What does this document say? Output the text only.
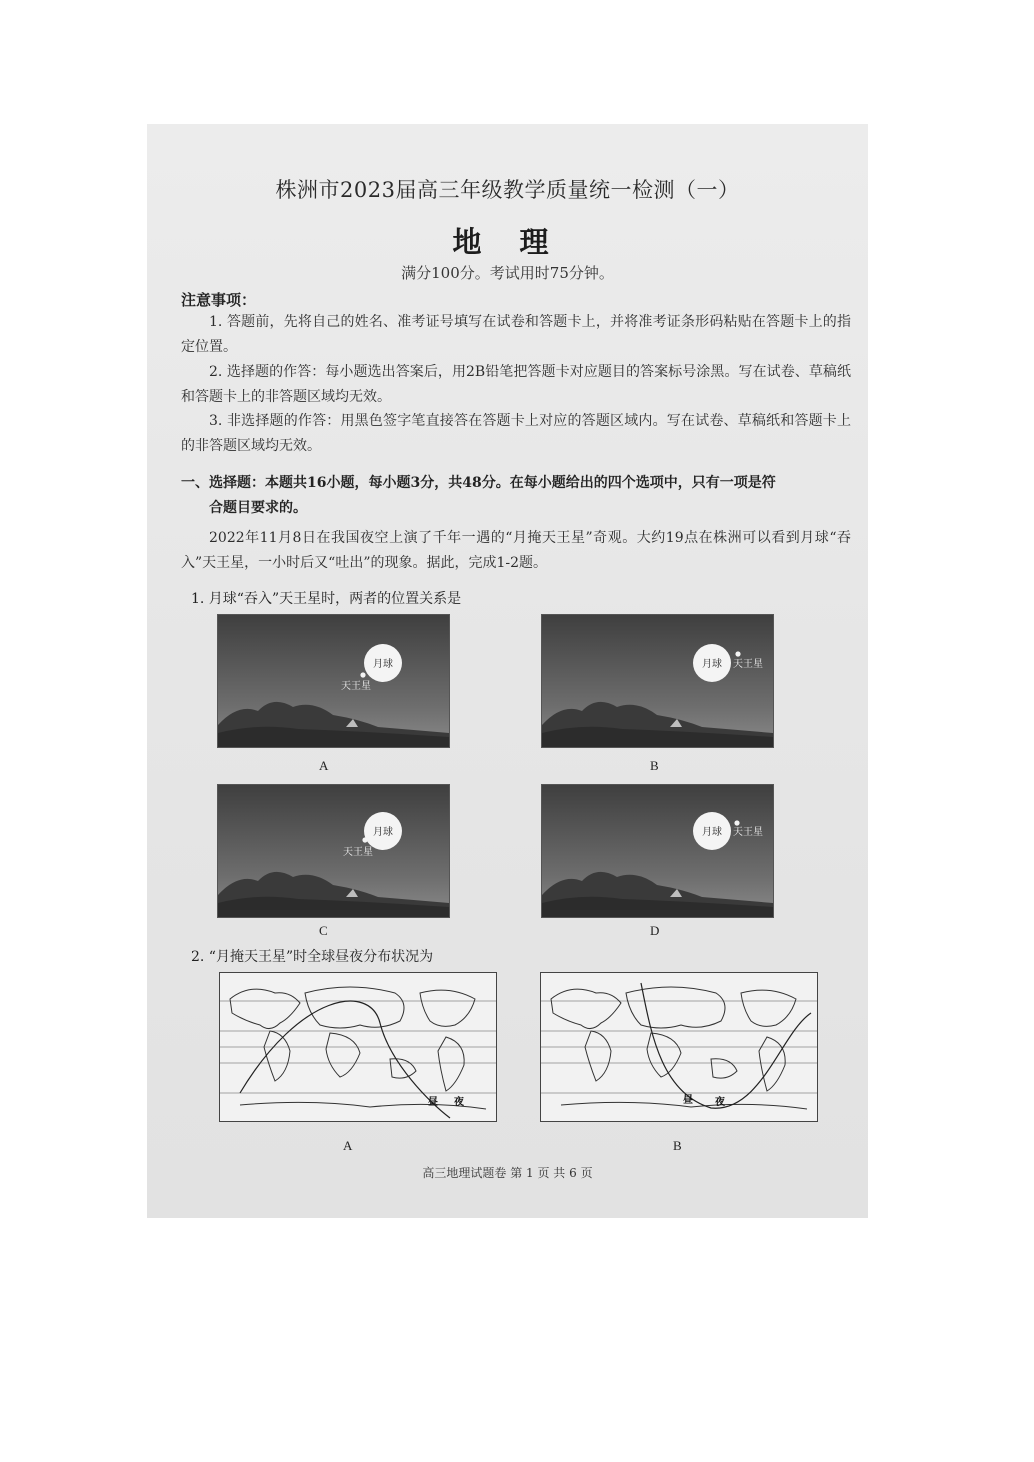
株洲市2023届高三年级教学质量统一检测（一）
地 理
满分100分。考试用时75分钟。
注意事项：
1. 答题前，先将自己的姓名、准考证号填写在试卷和答题卡上，并将准考证条形码粘贴在答题卡上的指定位置。
2. 选择题的作答：每小题选出答案后，用2B铅笔把答题卡对应题目的答案标号涂黑。写在试卷、草稿纸和答题卡上的非答题区域均无效。
3. 非选择题的作答：用黑色签字笔直接答在答题卡上对应的答题区域内。写在试卷、草稿纸和答题卡上的非答题区域均无效。
一、选择题：本题共16小题，每小题3分，共48分。在每小题给出的四个选项中，只有一项是符
合题目要求的。
2022年11月8日在我国夜空上演了千年一遇的“月掩天王星”奇观。大约19点在株洲可以看到月球“吞入”天王星，一小时后又“吐出”的现象。据此，完成1-2题。
1. 月球“吞入”天王星时，两者的位置关系是
月球
天王星
A
月球 天王星
B
月球
天王星
C
月球 天王星
D
2. “月掩天王星”时全球昼夜分布状况为
昼 夜
A
昼 夜
B
高三地理试题卷 第 1 页 共 6 页
